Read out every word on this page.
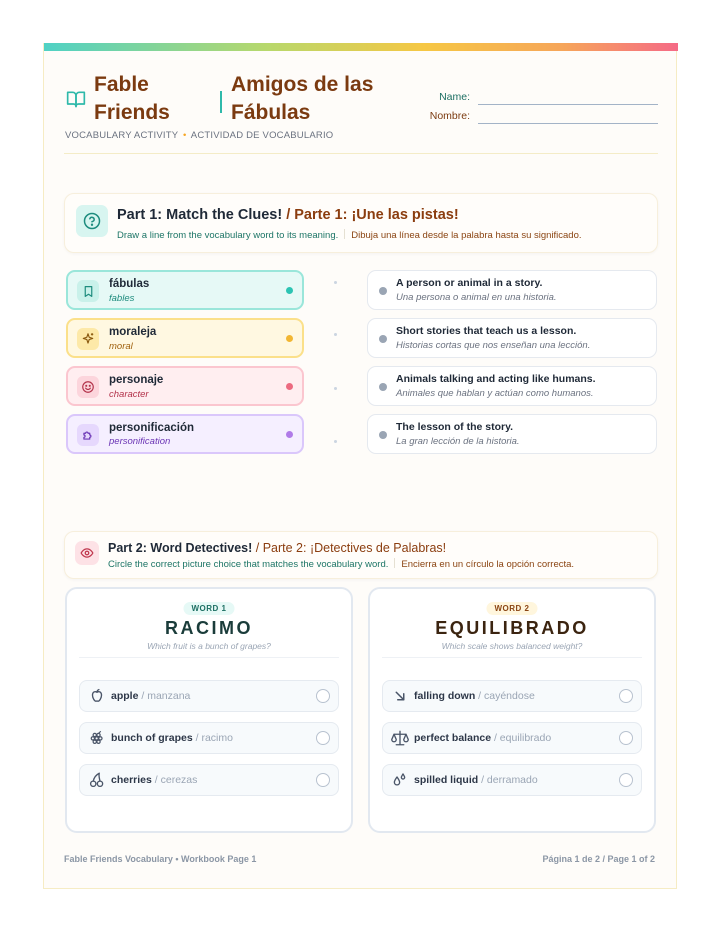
Fable Friends
Amigos de las Fábulas
VOCABULARY ACTIVITY • ACTIVIDAD DE VOCABULARIO
Name:
Nombre:
Part 1: Match the Clues! / Parte 1: ¡Une las pistas!
Draw a line from the vocabulary word to its meaning. Dibuja una línea desde la palabra hasta su significado.
fábulas
fables
moraleja
moral
personaje
character
personificación
personification
A person or animal in a story.
Una persona o animal en una historia.
Short stories that teach us a lesson.
Historias cortas que nos enseñan una lección.
Animals talking and acting like humans.
Animales que hablan y actúan como humanos.
The lesson of the story.
La gran lección de la historia.
Part 2: Word Detectives! / Parte 2: ¡Detectives de Palabras!
Circle the correct picture choice that matches the vocabulary word. Encierra en un círculo la opción correcta.
WORD 1
RACIMO
Which fruit is a bunch of grapes?
apple / manzana
bunch of grapes / racimo
cherries / cerezas
WORD 2
EQUILIBRADO
Which scale shows balanced weight?
falling down / cayéndose
perfect balance / equilibrado
spilled liquid / derramado
Fable Friends Vocabulary • Workbook Page 1	Página 1 de 2 / Page 1 of 2
